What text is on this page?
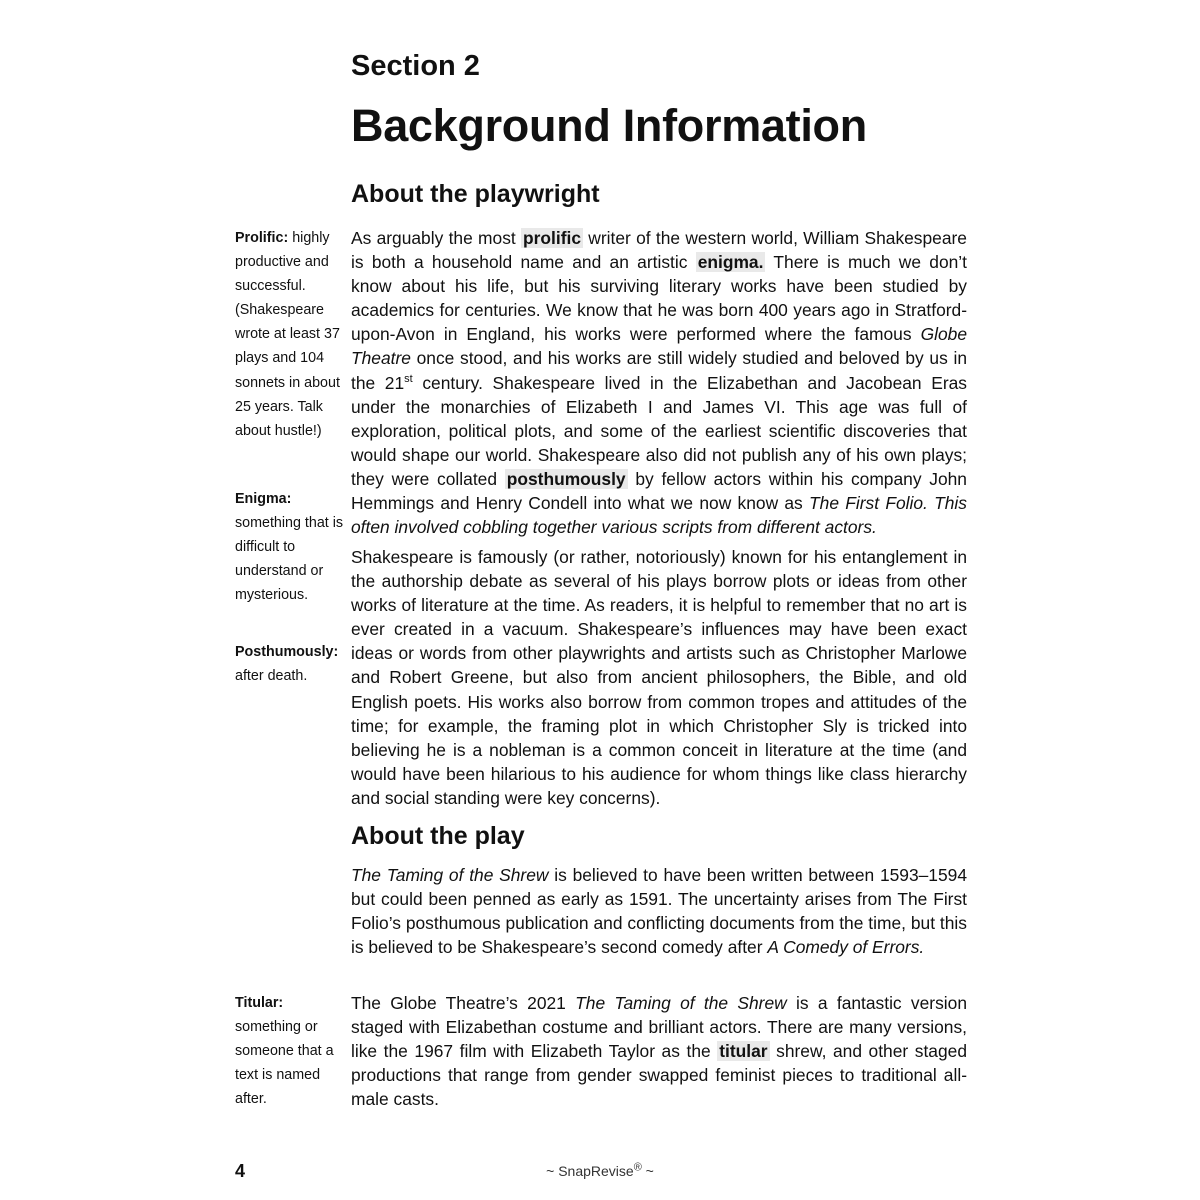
Section 2
Background Information
About the playwright

As arguably the most prolific writer of the western world, William Shakespeare is both a household name and an artistic enigma. There is much we don’t know about his life, but his surviving literary works have been studied by academics for centuries. We know that he was born 400 years ago in Stratford-upon-Avon in England, his works were performed where the famous Globe Theatre once stood, and his works are still widely studied and beloved by us in the 21st century. Shakespeare lived in the Elizabethan and Jacobean Eras under the monarchies of Elizabeth I and James VI. This age was full of exploration, political plots, and some of the earliest scientific discoveries that would shape our world. Shakespeare also did not publish any of his own plays; they were collated posthumously by fellow actors within his company John Hemmings and Henry Condell into what we now know as The First Folio. This often involved cobbling together various scripts from different actors.

Shakespeare is famously (or rather, notoriously) known for his entanglement in the authorship debate as several of his plays borrow plots or ideas from other works of literature at the time. As readers, it is helpful to remember that no art is ever created in a vacuum. Shakespeare’s influences may have been exact ideas or words from other playwrights and artists such as Christopher Marlowe and Robert Greene, but also from ancient philosophers, the Bible, and old English poets. His works also borrow from common tropes and attitudes of the time; for example, the framing plot in which Christopher Sly is tricked into believing he is a nobleman is a common conceit in literature at the time (and would have been hilarious to his audience for whom things like class hierarchy and social standing were key concerns).

About the play

The Taming of the Shrew is believed to have been written between 1593–1594 but could been penned as early as 1591. The uncertainty arises from The First Folio’s posthumous publication and conflicting documents from the time, but this is believed to be Shakespeare’s second comedy after A Comedy of Errors.

The Globe Theatre’s 2021 The Taming of the Shrew is a fantastic version staged with Elizabethan costume and brilliant actors. There are many versions, like the 1967 film with Elizabeth Taylor as the titular shrew, and other staged productions that range from gender swapped feminist pieces to traditional all-male casts.

Prolific: highly productive and successful. (Shakespeare wrote at least 37 plays and 104 sonnets in about 25 years. Talk about hustle!)

Enigma: something that is difficult to understand or mysterious.

Posthumously:
after death.

Titular: something or someone that a text is named after.

4	~ SnapRevise® ~
